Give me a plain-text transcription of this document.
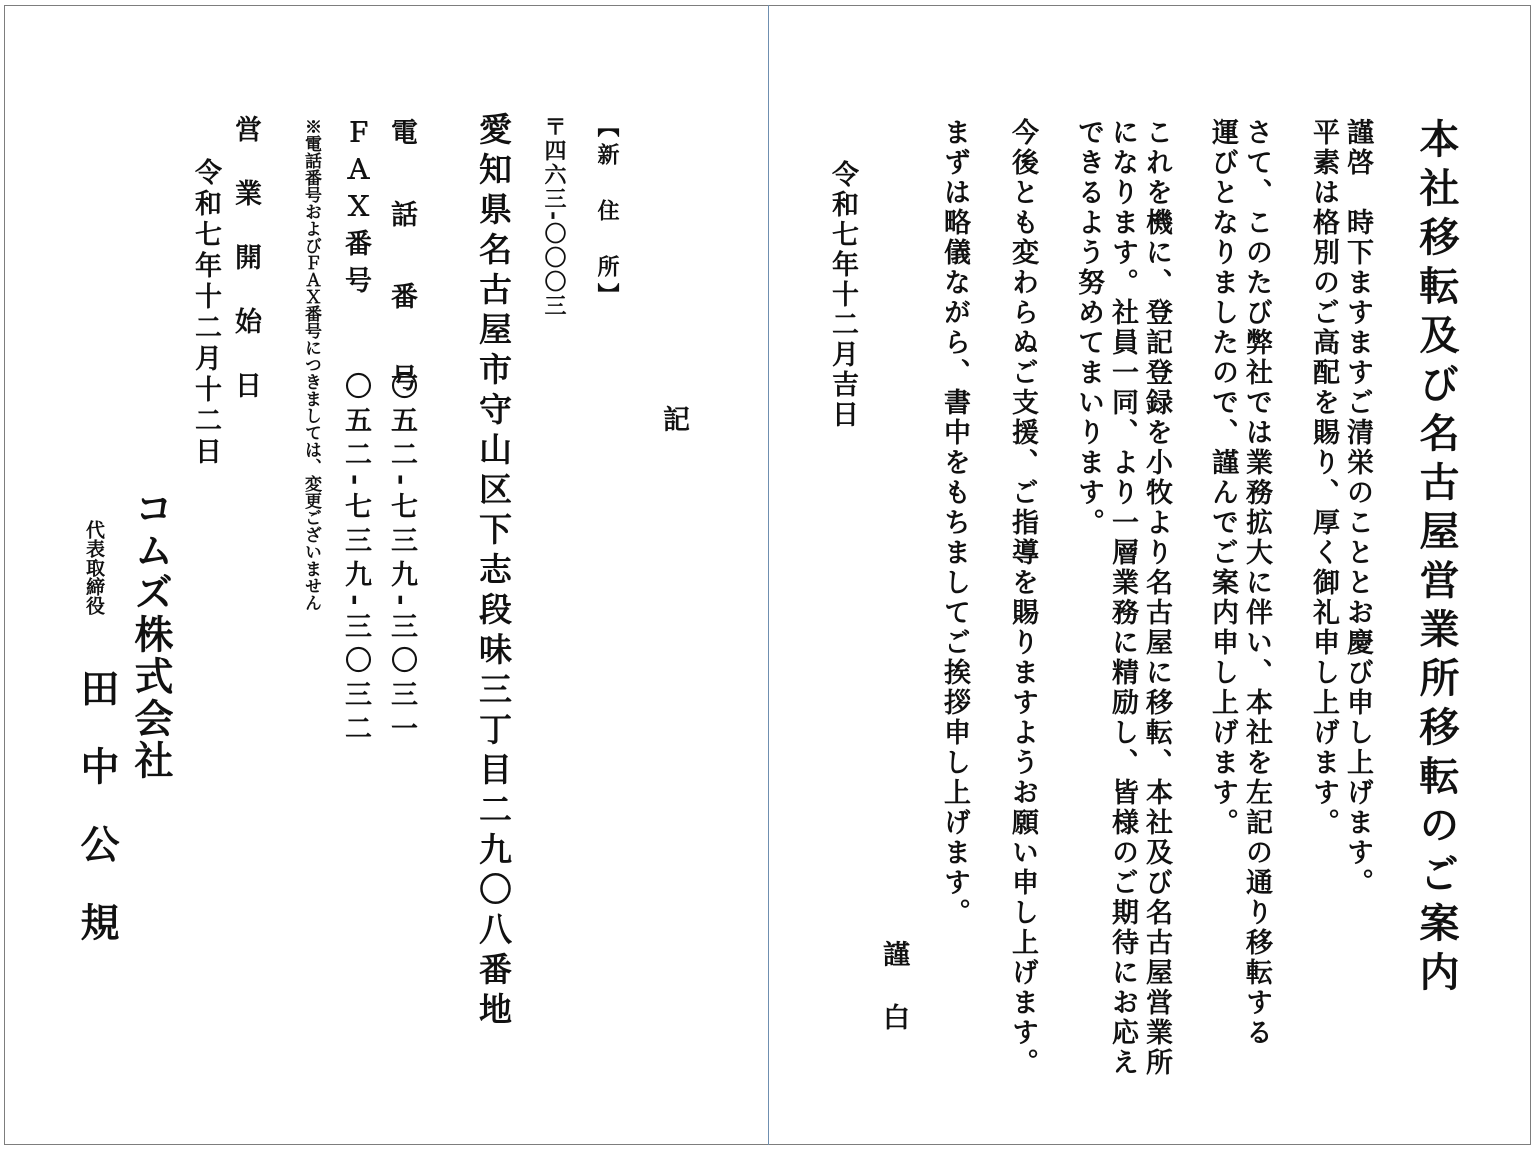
本社移転及び名古屋営業所移転のご案内
謹啓　時下ますますご清栄のこととお慶び申し上げます。
平素は格別のご高配を賜り、厚く御礼申し上げます。
さて、このたび弊社では業務拡大に伴い、本社を左記の通り移転する
運びとなりましたので、謹んでご案内申し上げます。
これを機に、登記登録を小牧より名古屋に移転、本社及び名古屋営業所
になります。社員一同、より一層業務に精励し、皆様のご期待にお応え
できるよう努めてまいります。
今後とも変わらぬご支援、ご指導を賜りますようお願い申し上げます。
まずは略儀ながら、書中をもちましてご挨拶申し上げます。
謹
白
令和七年十二月吉日
記
【新　住　所】
〒四六三‐〇〇〇三
愛知県名古屋市守山区下志段味三丁目二九〇八番地
電　話　番　号
〇五二‐七三九‐三〇三一
ＦＡＸ番号
〇五二‐七三九‐三〇三二
※電話番号およびＦＡＸ番号につきましては、変更ございません
営　業　開　始　日
令和七年十二月十二日
コムズ株式会社
代表取締役
田　中　公　規
